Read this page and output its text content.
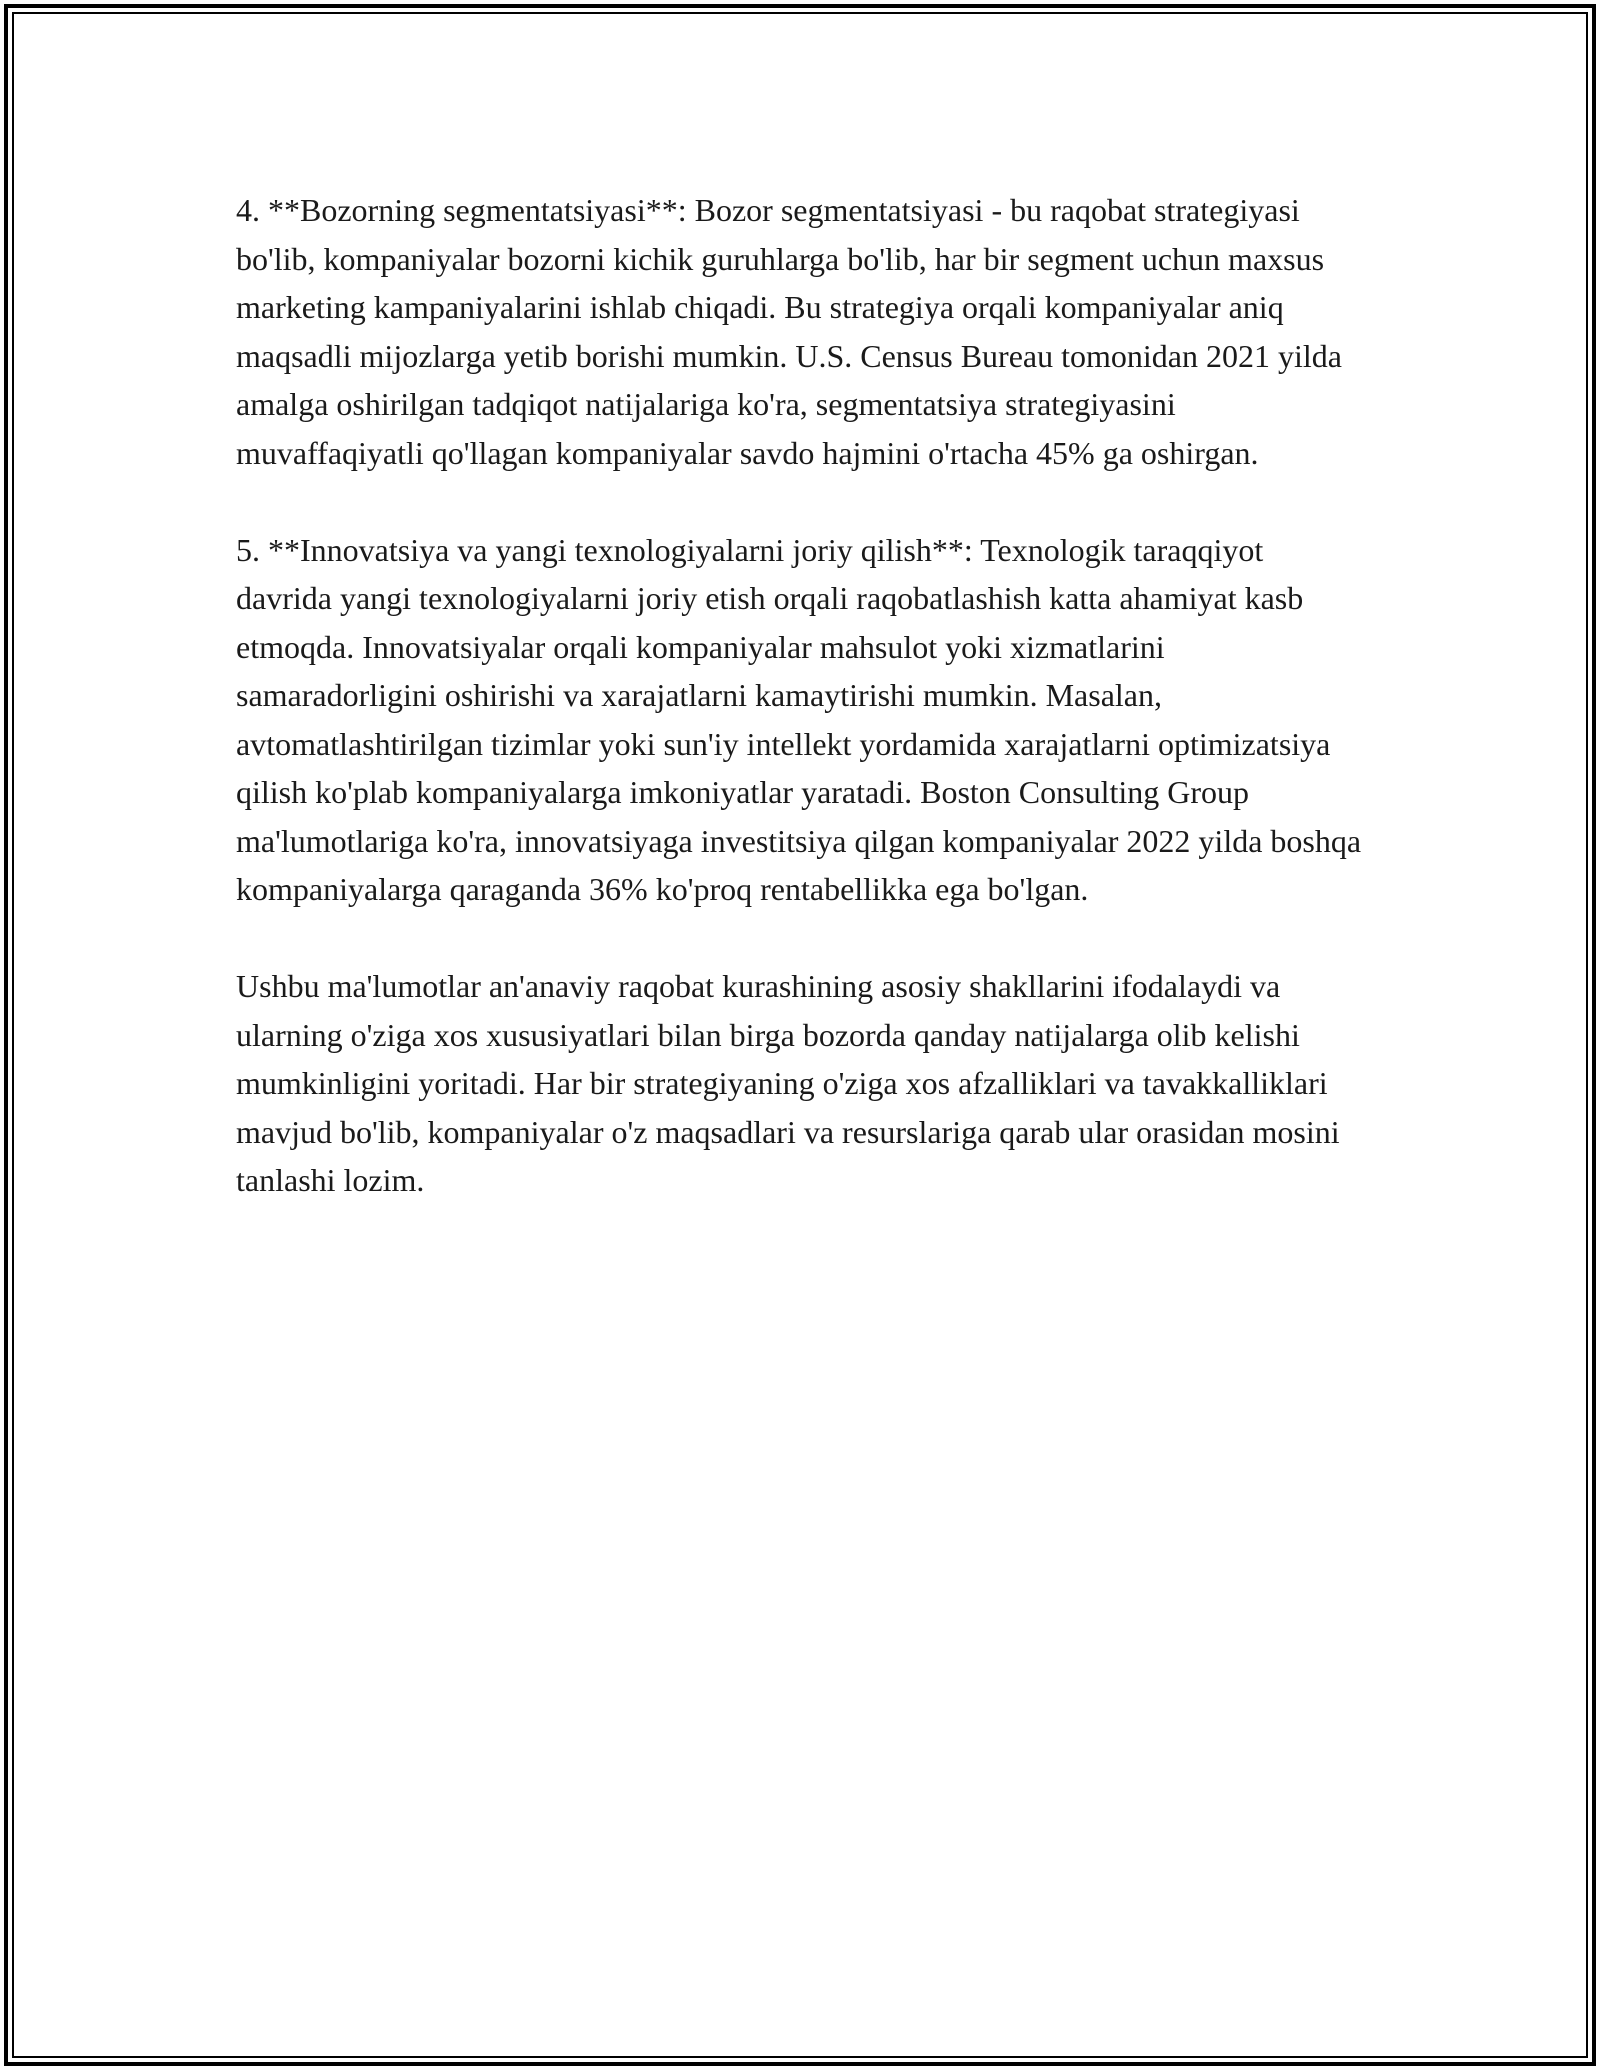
4. **Bozorning segmentatsiyasi**: Bozor segmentatsiyasi - bu raqobat strategiyasi bo'lib, kompaniyalar bozorni kichik guruhlarga bo'lib, har bir segment uchun maxsus marketing kampaniyalarini ishlab chiqadi. Bu strategiya orqali kompaniyalar aniq maqsadli mijozlarga yetib borishi mumkin. U.S. Census Bureau tomonidan 2021 yilda amalga oshirilgan tadqiqot natijalariga ko'ra, segmentatsiya strategiyasini muvaffaqiyatli qo'llagan kompaniyalar savdo hajmini o'rtacha 45% ga oshirgan.

5. **Innovatsiya va yangi texnologiyalarni joriy qilish**: Texnologik taraqqiyot davrida yangi texnologiyalarni joriy etish orqali raqobatlashish katta ahamiyat kasb etmoqda. Innovatsiyalar orqali kompaniyalar mahsulot yoki xizmatlarini samaradorligini oshirishi va xarajatlarni kamaytirishi mumkin. Masalan, avtomatlashtirilgan tizimlar yoki sun'iy intellekt yordamida xarajatlarni optimizatsiya qilish ko'plab kompaniyalarga imkoniyatlar yaratadi. Boston Consulting Group ma'lumotlariga ko'ra, innovatsiyaga investitsiya qilgan kompaniyalar 2022 yilda boshqa kompaniyalarga qaraganda 36% ko'proq rentabellikka ega bo'lgan.

Ushbu ma'lumotlar an'anaviy raqobat kurashining asosiy shakllarini ifodalaydi va ularning o'ziga xos xususiyatlari bilan birga bozorda qanday natijalarga olib kelishi mumkinligini yoritadi. Har bir strategiyaning o'ziga xos afzalliklari va tavakkalliklari mavjud bo'lib, kompaniyalar o'z maqsadlari va resurslariga qarab ular orasidan mosini tanlashi lozim.
